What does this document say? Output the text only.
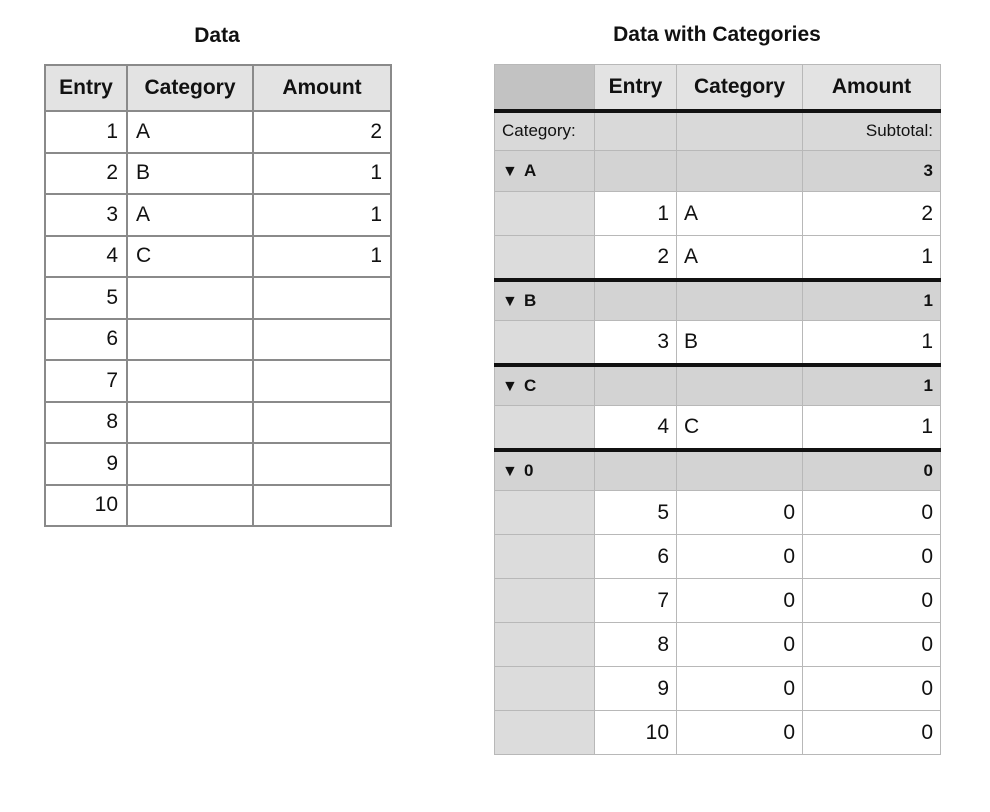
Data
Entry	Category	Amount
1	A	2
2	B	1
3	A	1
4	C	1
5		
6		
7		
8		
9		
10		
Data with Categories
	Entry	Category	Amount
Category:			Subtotal:
▼ A			3
	1	A	2
	2	A	1
▼ B			1
	3	B	1
▼ C			1
	4	C	1
▼ 0			0
	5	0	0
	6	0	0
	7	0	0
	8	0	0
	9	0	0
	10	0	0
